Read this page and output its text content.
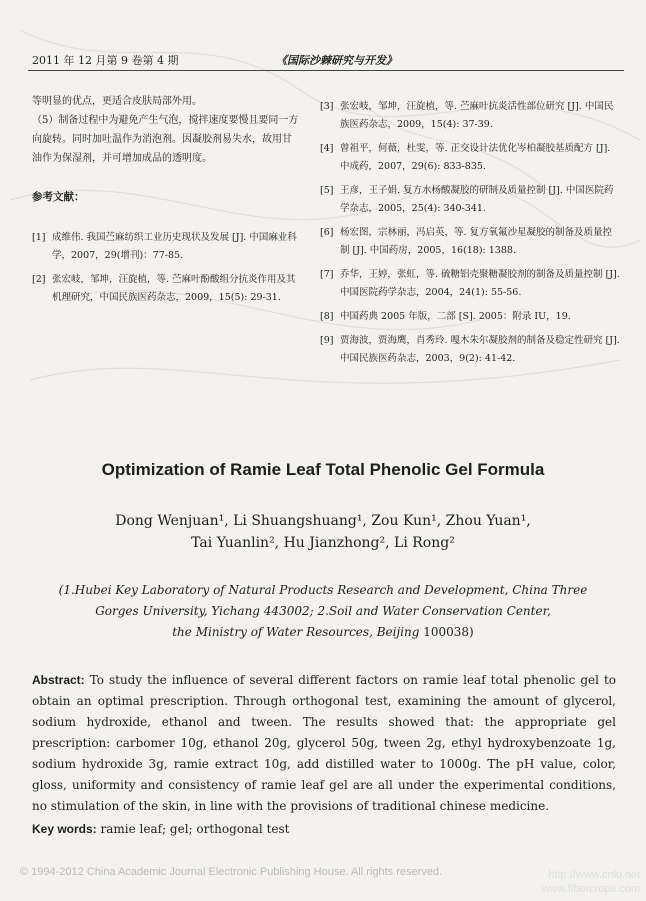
2011 年 12 月第 9 卷第 4 期	《国际沙棘研究与开发》

等明显的优点，更适合皮肤局部外用。

（5）制备过程中为避免产生气泡，搅拌速度要慢且要同一方向旋转。同时加吐温作为消泡剂。因凝胶剂易失水，故用甘油作为保湿剂，并可增加成品的透明度。

参考文献：

[1] 成维伟. 我国苎麻纺织工业历史现状及发展 [J]. 中国麻业科学，2007，29(增刊)：77-85.

[2] 张宏岐，邹坤，汪旋植，等. 苎麻叶酚酸组分抗炎作用及其机理研究，中国民族医药杂志，2009，15(5): 29-31.

[3] 张宏岐，邹坤，汪旋植，等. 苎麻叶抗炎活性部位研究 [J]. 中国民族医药杂志，2009，15(4): 37-39.

[4] 曾祖平，何薇，杜雯，等. 正交设计法优化岑柏凝胶基质配方 [J]. 中成药，2007，29(6): 833-835.

[5] 王彦，王子娟. 复方水杨酸凝胶的研制及质量控制 [J]. 中国医院药学杂志，2005，25(4): 340-341.

[6] 杨宏图，宗林丽，冯启英，等. 复方氧氟沙星凝胶的制备及质量控制 [J]. 中国药房，2005，16(18): 1388.

[7] 乔华，王婷，张虹，等. 硫糖铝壳聚糖凝胶剂的制备及质量控制 [J]. 中国医院药学杂志，2004，24(1): 55-56.

[8] 中国药典 2005 年版，二部 [S]. 2005：附录 IU，19.

[9] 贾海波，贾海鹰，肖秀玲. 嘎木朱尔凝胶剂的制备及稳定性研究 [J]. 中国民族医药杂志，2003，9(2): 41-42.

Optimization of Ramie Leaf Total Phenolic Gel Formula
Dong Wenjuan¹, Li Shuangshuang¹, Zou Kun¹, Zhou Yuan¹,
Tai Yuanlin², Hu Jianzhong², Li Rong²
(1.Hubei Key Laboratory of Natural Products Research and Development, China Three
Gorges University, Yichang 443002; 2.Soil and Water Conservation Center,
the Ministry of Water Resources, Beijing 100038)
Abstract: To study the influence of several different factors on ramie leaf total phenolic gel to obtain an optimal prescription. Through orthogonal test, examining the amount of glycerol, sodium hydroxide, ethanol and tween. The results showed that: the appropriate gel prescription: carbomer 10g, ethanol 20g, glycerol 50g, tween 2g, ethyl hydroxybenzoate 1g, sodium hydroxide 3g, ramie extract 10g, add distilled water to 1000g. The pH value, color, gloss, uniformity and consistency of ramie leaf gel are all under the experimental conditions, no stimulation of the skin, in line with the provisions of traditional chinese medicine.
Key words: ramie leaf; gel; orthogonal test
© 1994-2012 China Academic Journal Electronic Publishing House. All rights reserved.	http://www.cnki.net
www.fibercrops.com
